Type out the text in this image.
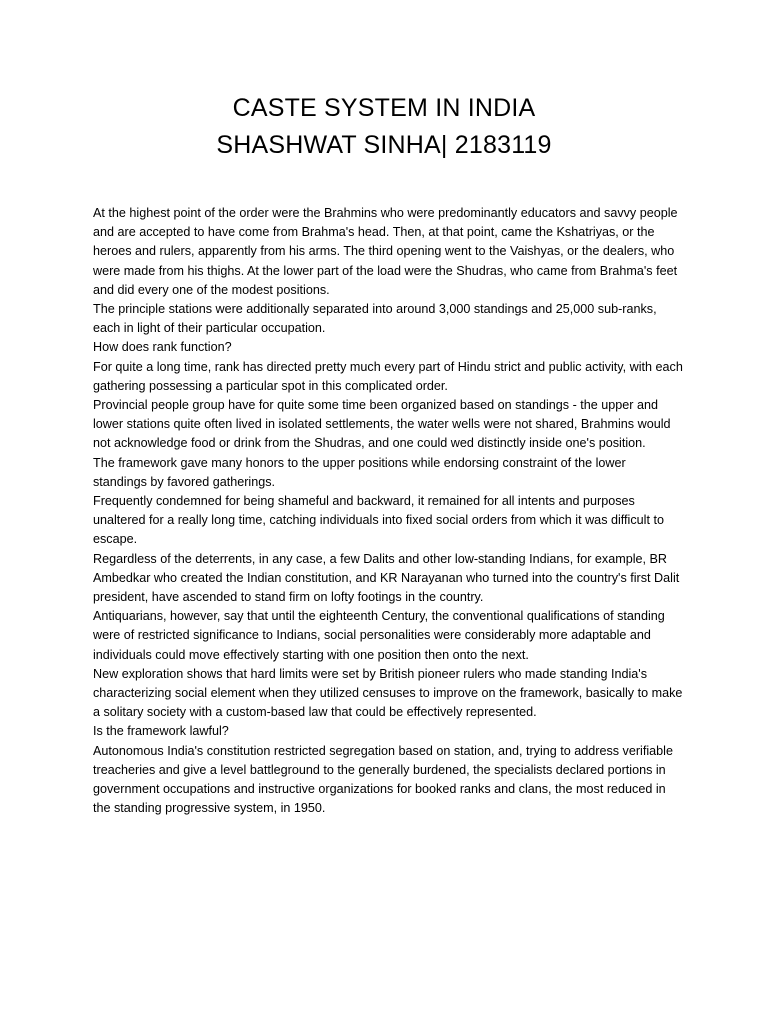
CASTE SYSTEM IN INDIA
SHASHWAT SINHA| 2183119

At the highest point of the order were the Brahmins who were predominantly educators and savvy people and are accepted to have come from Brahma's head. Then, at that point, came the Kshatriyas, or the heroes and rulers, apparently from his arms. The third opening went to the Vaishyas, or the dealers, who were made from his thighs. At the lower part of the load were the Shudras, who came from Brahma's feet and did every one of the modest positions.

The principle stations were additionally separated into around 3,000 standings and 25,000 sub-ranks, each in light of their particular occupation.

How does rank function?

For quite a long time, rank has directed pretty much every part of Hindu strict and public activity, with each gathering possessing a particular spot in this complicated order.

Provincial people group have for quite some time been organized based on standings - the upper and lower stations quite often lived in isolated settlements, the water wells were not shared, Brahmins would not acknowledge food or drink from the Shudras, and one could wed distinctly inside one's position.

The framework gave many honors to the upper positions while endorsing constraint of the lower standings by favored gatherings.

Frequently condemned for being shameful and backward, it remained for all intents and purposes unaltered for a really long time, catching individuals into fixed social orders from which it was difficult to escape.

Regardless of the deterrents, in any case, a few Dalits and other low-standing Indians, for example, BR Ambedkar who created the Indian constitution, and KR Narayanan who turned into the country's first Dalit president, have ascended to stand firm on lofty footings in the country.

Antiquarians, however, say that until the eighteenth Century, the conventional qualifications of standing were of restricted significance to Indians, social personalities were considerably more adaptable and individuals could move effectively starting with one position then onto the next.

New exploration shows that hard limits were set by British pioneer rulers who made standing India's characterizing social element when they utilized censuses to improve on the framework, basically to make a solitary society with a custom-based law that could be effectively represented.

Is the framework lawful?

Autonomous India's constitution restricted segregation based on station, and, trying to address verifiable treacheries and give a level battleground to the generally burdened, the specialists declared portions in government occupations and instructive organizations for booked ranks and clans, the most reduced in the standing progressive system, in 1950.
